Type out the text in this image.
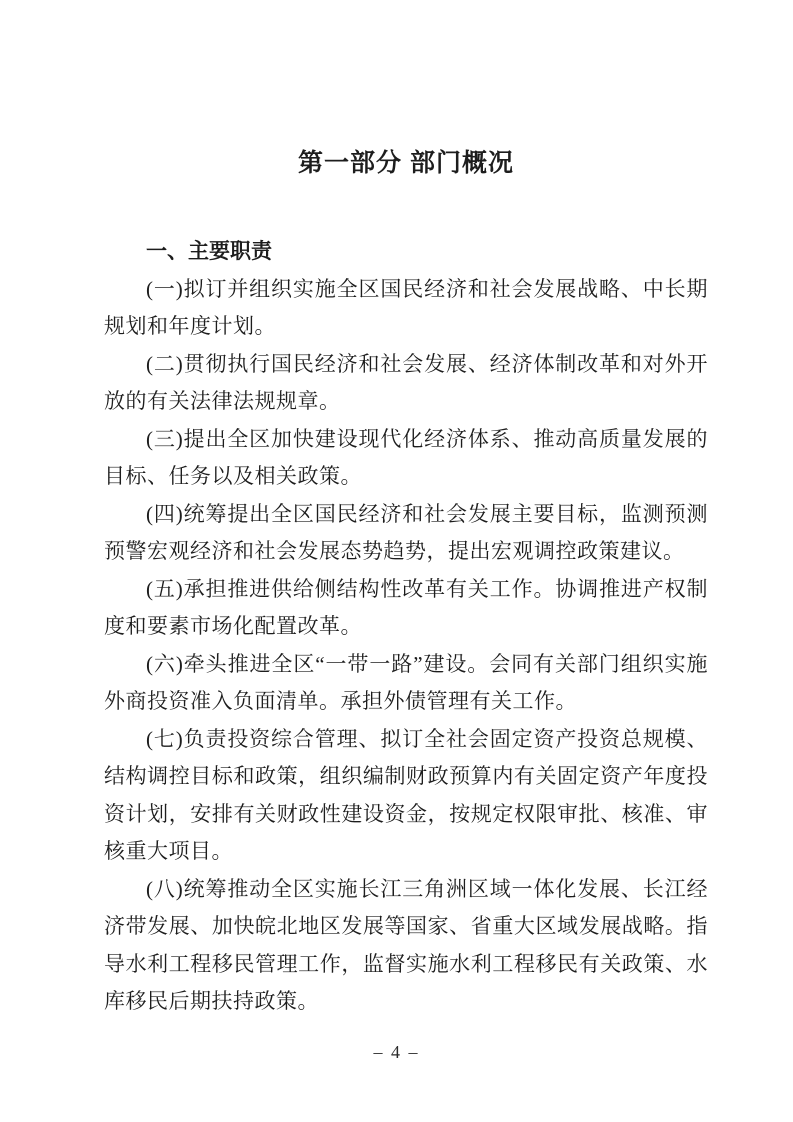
第一部分 部门概况
一、主要职责

(一)拟订并组织实施全区国民经济和社会发展战略、中长期规划和年度计划。

(二)贯彻执行国民经济和社会发展、经济体制改革和对外开放的有关法律法规规章。

(三)提出全区加快建设现代化经济体系、推动高质量发展的目标、任务以及相关政策。

(四)统筹提出全区国民经济和社会发展主要目标，监测预测预警宏观经济和社会发展态势趋势，提出宏观调控政策建议。

(五)承担推进供给侧结构性改革有关工作。协调推进产权制度和要素市场化配置改革。

(六)牵头推进全区“一带一路”建设。会同有关部门组织实施外商投资准入负面清单。承担外债管理有关工作。

(七)负责投资综合管理、拟订全社会固定资产投资总规模、结构调控目标和政策，组织编制财政预算内有关固定资产年度投资计划，安排有关财政性建设资金，按规定权限审批、核准、审核重大项目。

(八)统筹推动全区实施长江三角洲区域一体化发展、长江经济带发展、加快皖北地区发展等国家、省重大区域发展战略。指导水利工程移民管理工作，监督实施水利工程移民有关政策、水库移民后期扶持政策。

– 4 –
